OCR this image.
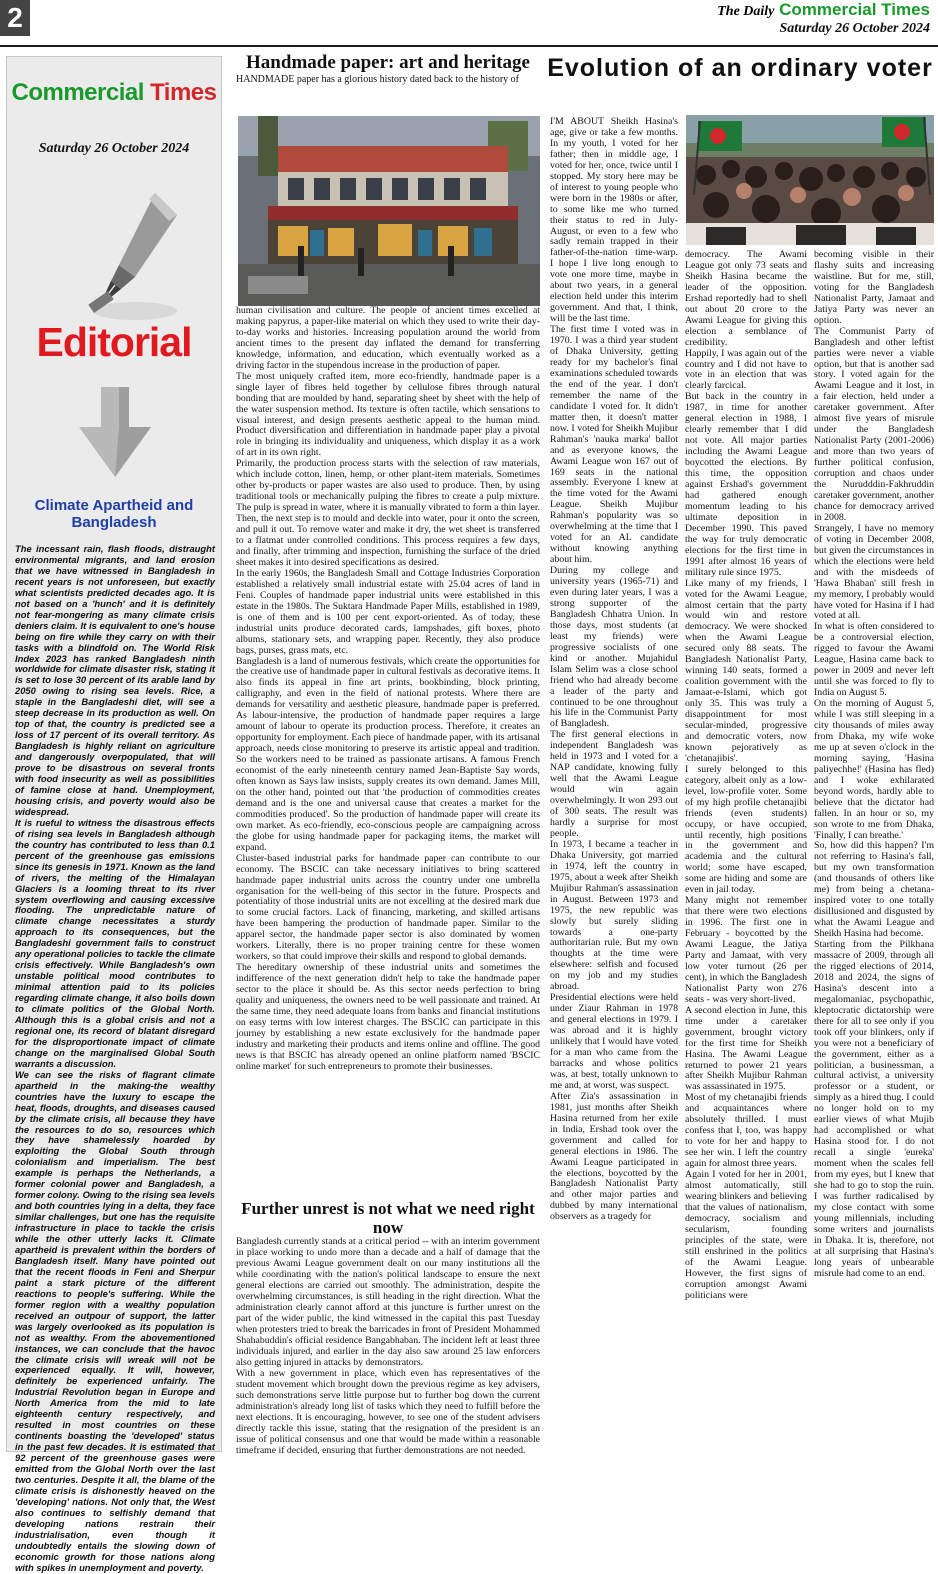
2	The Daily Commercial Times
Saturday 26 October 2024
Commercial Times
Saturday 26 October 2024
Editorial
Climate Apartheid and Bangladesh

The incessant rain, flash floods, distraught environmental migrants, and land erosion that we have witnessed in Bangladesh in recent years is not unforeseen, but exactly what scientists predicted decades ago. It is not based on a 'hunch' and it is definitely not fear-mongering as many climate crisis deniers claim. It is equivalent to one's house being on fire while they carry on with their tasks with a blindfold on. The World Risk Index 2023 has ranked Bangladesh ninth worldwide for climate disaster risk, stating it is set to lose 30 percent of its arable land by 2050 owing to rising sea levels. Rice, a staple in the Bangladeshi diet, will see a steep decrease in its production as well. On top of that, the country is predicted see a loss of 17 percent of its overall territory. As Bangladesh is highly reliant on agriculture and dangerously overpopulated, that will prove to be disastrous on several fronts with food insecurity as well as possibilities of famine close at hand. Unemployment, housing crisis, and poverty would also be widespread.

It is rueful to witness the disastrous effects of rising sea levels in Bangladesh although the country has contributed to less than 0.1 percent of the greenhouse gas emissions since its genesis in 1971. Known as the land of rivers, the melting of the Himalayan Glaciers is a looming threat to its river system overflowing and causing excessive flooding. The unpredictable nature of climate change necessitates a sturdy approach to its consequences, but the Bangladeshi government fails to construct any operational policies to tackle the climate crisis effectively. While Bangladesh's own unstable political mood contributes to minimal attention paid to its policies regarding climate change, it also boils down to climate politics of the Global North. Although this is a global crisis and not a regional one, its record of blatant disregard for the disproportionate impact of climate change on the marginalised Global South warrants a discussion.

We can see the risks of flagrant climate apartheid in the making-the wealthy countries have the luxury to escape the heat, floods, droughts, and diseases caused by the climate crisis, all because they have the resources to do so, resources which they have shamelessly hoarded by exploiting the Global South through colonialism and imperialism. The best example is perhaps the Netherlands, a former colonial power and Bangladesh, a former colony. Owing to the rising sea levels and both countries lying in a delta, they face similar challenges, but one has the requisite infrastructure in place to tackle the crisis while the other utterly lacks it. Climate apartheid is prevalent within the borders of Bangladesh itself. Many have pointed out that the recent floods in Feni and Sherpur paint a stark picture of the different reactions to people's suffering. While the former region with a wealthy population received an outpour of support, the latter was largely overlooked as its population is not as wealthy. From the abovementioned instances, we can conclude that the havoc the climate crisis will wreak will not be experienced equally. It will, however, definitely be experienced unfairly. The Industrial Revolution began in Europe and North America from the mid to late eighteenth century respectively, and resulted in most countries on these continents boasting the 'developed' status in the past few decades. It is estimated that 92 percent of the greenhouse gases were emitted from the Global North over the last two centuries. Despite it all, the blame of the climate crisis is dishonestly heaved on the 'developing' nations. Not only that, the West also continues to selfishly demand that developing nations restrain their industrialisation, even though it undoubtedly entails the slowing down of economic growth for those nations along with spikes in unemployment and poverty.

Handmade paper: art and heritage
HANDMADE paper has a glorious history dated back to the history of

human civilisation and culture. The people of ancient times excelled at making papyrus, a paper-like material on which they used to write their day-to-day works and histories. Increasing population around the world from ancient times to the present day inflated the demand for transferring knowledge, information, and education, which eventually worked as a driving factor in the stupendous increase in the production of paper.

The most uniquely crafted item, more eco-friendly, handmade paper is a single layer of fibres held together by cellulose fibres through natural bonding that are moulded by hand, separating sheet by sheet with the help of the water suspension method. Its texture is often tactile, which sensations to visual interest, and design presents aesthetic appeal to the human mind. Product diversification and differentiation in handmade paper play a pivotal role in bringing its individuality and uniqueness, which display it as a work of art in its own right.

Primarily, the production process starts with the selection of raw materials, which include cotton, linen, hemp, or other plant-item materials. Sometimes other by-products or paper wastes are also used to produce. Then, by using traditional tools or mechanically pulping the fibres to create a pulp mixture. The pulp is spread in water, where it is manually vibrated to form a thin layer. Then, the next step is to mould and deckle into water, pour it onto the screen, and pull it out. To remove water and make it dry, the wet sheet is transferred to a flatmat under controlled conditions. This process requires a few days, and finally, after trimming and inspection, furnishing the surface of the dried sheet makes it into desired specifications as desired.

In the early 1960s, the Bangladesh Small and Cottage Industries Corporation established a relatively small industrial estate with 25.04 acres of land in Feni. Couples of handmade paper industrial units were established in this estate in the 1980s. The Suktara Handmade Paper Mills, established in 1989, is one of them and is 100 per cent export-oriented. As of today, these industrial units produce decorated cards, lampshades, gift boxes, photo albums, stationary sets, and wrapping paper. Recently, they also produce bags, purses, grass mats, etc.

Bangladesh is a land of numerous festivals, which create the opportunities for the creative use of handmade paper in cultural festivals as decorative items. It also finds its appeal in fine art prints, bookbinding, block printing, calligraphy, and even in the field of national protests. Where there are demands for versatility and aesthetic pleasure, handmade paper is preferred. As labour-intensive, the production of handmade paper requires a large amount of labour to operate its production process. Therefore, it creates an opportunity for employment. Each piece of handmade paper, with its artisanal approach, needs close monitoring to preserve its artistic appeal and tradition. So the workers need to be trained as passionate artisans. A famous French economist of the early nineteenth century named Jean-Baptiste Say words, often known as Says law insists, supply creates its own demand. James Mill, on the other hand, pointed out that 'the production of commodities creates demand and is the one and universal cause that creates a market for the commodities produced'. So the production of handmade paper will create its own market. As eco-friendly, eco-conscious people are campaigning across the globe for using handmade paper for packaging items, the market will expand.

Cluster-based industrial parks for handmade paper can contribute to our economy. The BSCIC can take necessary initiatives to bring scattered handmade paper industrial units across the country under one umbrella organisation for the well-being of this sector in the future. Prospects and potentiality of those industrial units are not excelling at the desired mark due to some crucial factors. Lack of financing, marketing, and skilled artisans have been hampering the production of handmade paper. Similar to the apparel sector, the handmade paper sector is also dominated by women workers. Literally, there is no proper training centre for these women workers, so that could improve their skills and respond to global demands.

The hereditary ownership of these industrial units and sometimes the indifference of the next generation didn't help to take the handmade paper sector to the place it should be. As this sector needs perfection to bring quality and uniqueness, the owners need to be well passionate and trained. At the same time, they need adequate loans from banks and financial institutions on easy terms with low interest charges. The BSCIC can participate in this journey by establishing a new estate exclusively for the handmade paper industry and marketing their products and items online and offline. The good news is that BSCIC has already opened an online platform named 'BSCIC online market' for such entrepreneurs to promote their businesses.

Further unrest is not what we need right now

Bangladesh currently stands at a critical period -- with an interim government in place working to undo more than a decade and a half of damage that the previous Awami League government dealt on our many institutions all the while coordinating with the nation's political landscape to ensure the next general elections are carried out smoothly. The administration, despite the overwhelming circumstances, is still heading in the right direction. What the administration clearly cannot afford at this juncture is further unrest on the part of the wider public, the kind witnessed in the capital this past Tuesday when protesters tried to break the barricades in front of President Mohammed Shahabuddin's official residence Bangabhaban. The incident left at least three individuals injured, and earlier in the day also saw around 25 law enforcers also getting injured in attacks by demonstrators.

With a new government in place, which even has representatives of the student movement which brought down the previous regime as key advisers, such demonstrations serve little purpose but to further bog down the current administration's already long list of tasks which they need to fulfill before the next elections. It is encouraging, however, to see one of the student advisers directly tackle this issue, stating that the resignation of the president is an issue of political consensus and one that would be made within a reasonable timeframe if decided, ensuring that further demonstrations are not needed.

Evolution of an ordinary voter

I'M ABOUT Sheikh Hasina's age, give or take a few months. In my youth, I voted for her father; then in middle age, I voted for her, once, twice until I stopped. My story here may be of interest to young people who were born in the 1980s or after, to some like me who turned their status to red in July-August, or even to a few who sadly remain trapped in their father-of-the-nation time-warp. I hope I live long enough to vote one more time, maybe in about two years, in a general election held under this interim government. And that, I think, will be the last time.

The first time I voted was in 1970. I was a third year student of Dhaka University, getting ready for my bachelor's final examinations scheduled towards the end of the year. I don't remember the name of the candidate I voted for. It didn't matter then, it doesn't matter now. I voted for Sheikh Mujibur Rahman's 'nauka marka' ballot and as everyone knows, the Awami League won 167 out of 169 seats in the national assembly. Everyone I knew at the time voted for the Awami League. Sheikh Mujibur Rahman's popularity was so overwhelming at the time that I voted for an AL candidate without knowing anything about him.

During my college and university years (1965-71) and even during later years, I was a strong supporter of the Bangladesh Chhatra Union. In those days, most students (at least my friends) were progressive socialists of one kind or another. Mujahidul Islam Selim was a close school friend who had already become a leader of the party and continued to be one throughout his life in the Communist Party of Bangladesh.

The first general elections in independent Bangladesh was held in 1973 and I voted for a NAP candidate, knowing fully well that the Awami League would win again overwhelmingly. It won 293 out of 300 seats. The result was hardly a surprise for most people.

In 1973, I became a teacher in Dhaka University, got married in 1974, left the country in 1975, about a week after Sheikh Mujibur Rahman's assassination in August. Between 1973 and 1975, the new republic was slowly but surely sliding towards a one-party authoritarian rule. But my own thoughts at the time were elsewhere: selfish and focused on my job and my studies abroad.

Presidential elections were held under Ziaur Rahman in 1978 and general elections in 1979. I was abroad and it is highly unlikely that I would have voted for a man who came from the barracks and whose politics was, at best, totally unknown to me and, at worst, was suspect.

After Zia's assassination in 1981, just months after Sheikh Hasina returned from her exile in India, Ershad took over the government and called for general elections in 1986. The Awami League participated in the elections, boycotted by the Bangladesh Nationalist Party and other major parties and dubbed by many international observers as a tragedy for

democracy. The Awami League got only 73 seats and Sheikh Hasina became the leader of the opposition. Ershad reportedly had to shell out about 20 crore to the Awami League for giving this election a semblance of credibility.

Happily, I was again out of the country and I did not have to vote in an election that was clearly farcical.

But back in the country in 1987, in time for another general election in 1988, I clearly remember that I did not vote. All major parties including the Awami League boycotted the elections. By this time, the opposition against Ershad's government had gathered enough momentum leading to his ultimate deposition in December 1990. This paved the way for truly democratic elections for the first time in 1991 after almost 16 years of military rule since 1975.

Like many of my friends, I voted for the Awami League, almost certain that the party would win and restore democracy. We were shocked when the Awami League secured only 88 seats. The Bangladesh Nationalist Party, winning 140 seats, formed a coalition government with the Jamaat-e-Islami, which got only 35. This was truly a disappointment for most secular-minded, progressive and democratic voters, now known pejoratively as 'chetanajibis'.

I surely belonged to this category, albeit only as a low-level, low-profile voter. Some of my high profile chetanajibi friends (even students) occupy, or have occupied, until recently, high positions in the government and academia and the cultural world; some have escaped, some are hiding and some are even in jail today.

Many might not remember that there were two elections in 1996. The first one in February - boycotted by the Awami League, the Jatiya Party and Jamaat, with very low voter turnout (26 per cent), in which the Bangladesh Nationalist Party won 276 seats - was very short-lived.

A second election in June, this time under a caretaker government, brought victory for the first time for Sheikh Hasina. The Awami League returned to power 21 years after Sheikh Mujibur Rahman was assassinated in 1975.

Most of my chetanajibi friends and acquaintances where absolutely thrilled. I must confess that I, too, was happy to vote for her and happy to see her win. I left the country again for almost three years.

Again I voted for her in 2001, almost automatically, still wearing blinkers and believing that the values of nationalism, democracy, socialism and secularism, founding principles of the state, were still enshrined in the politics of the Awami League. However, the first signs of corruption amongst Awami politicians were

becoming visible in their flashy suits and increasing waistline. But for me, still, voting for the Bangladesh Nationalist Party, Jamaat and Jatiya Party was never an option.

The Communist Party of Bangladesh and other leftist parties were never a viable option, but that is another sad story. I voted again for the Awami League and it lost, in a fair election, held under a caretaker government. After almost five years of misrule under the Bangladesh Nationalist Party (2001-2006) and more than two years of further political confusion, corruption and chaos under the Nurudddin-Fakhruddin caretaker government, another chance for democracy arrived in 2008.

Strangely, I have no memory of voting in December 2008, but given the circumstances in which the elections were held and with the misdeeds of 'Hawa Bhaban' still fresh in my memory, I probably would have voted for Hasina if I had voted at all.

In what is often considered to be a controversial election, rigged to favour the Awami League, Hasina came back to power in 2009 and never left until she was forced to fly to India on August 5.

On the morning of August 5, while I was still sleeping in a city thousands of miles away from Dhaka, my wife woke me up at seven o'clock in the morning saying, 'Hasina paliyechhe!' (Hasina has fled) and I woke exhilarated beyond words, hardly able to believe that the dictator had fallen. In an hour or so, my son wrote to me from Dhaka, 'Finally, I can breathe.'

So, how did this happen? I'm not referring to Hasina's fall, but my own transformation (and thousands of others like me) from being a chetana-inspired voter to one totally disillusioned and disgusted by what the Awami League and Sheikh Hasina had become.

Starting from the Pilkhana massacre of 2009, through all the rigged elections of 2014, 2018 and 2024, the signs of Hasina's descent into a megalomaniac, psychopathic, kleptocratic dictatorship were there for all to see only if you took off your blinkers, only if you were not a beneficiary of the government, either as a politician, a businessman, a cultural activist, a university professor or a student, or simply as a hired thug. I could no longer hold on to my earlier views of what Mujib had accomplished or what Hasina stood for. I do not recall a single 'eureka' moment when the scales fell from my eyes, but I knew that she had to go to stop the ruin. I was further radicalised by my close contact with some young millennials, including some writers and journalists in Dhaka. It is, therefore, not at all surprising that Hasina's long years of unbearable misrule had come to an end.
